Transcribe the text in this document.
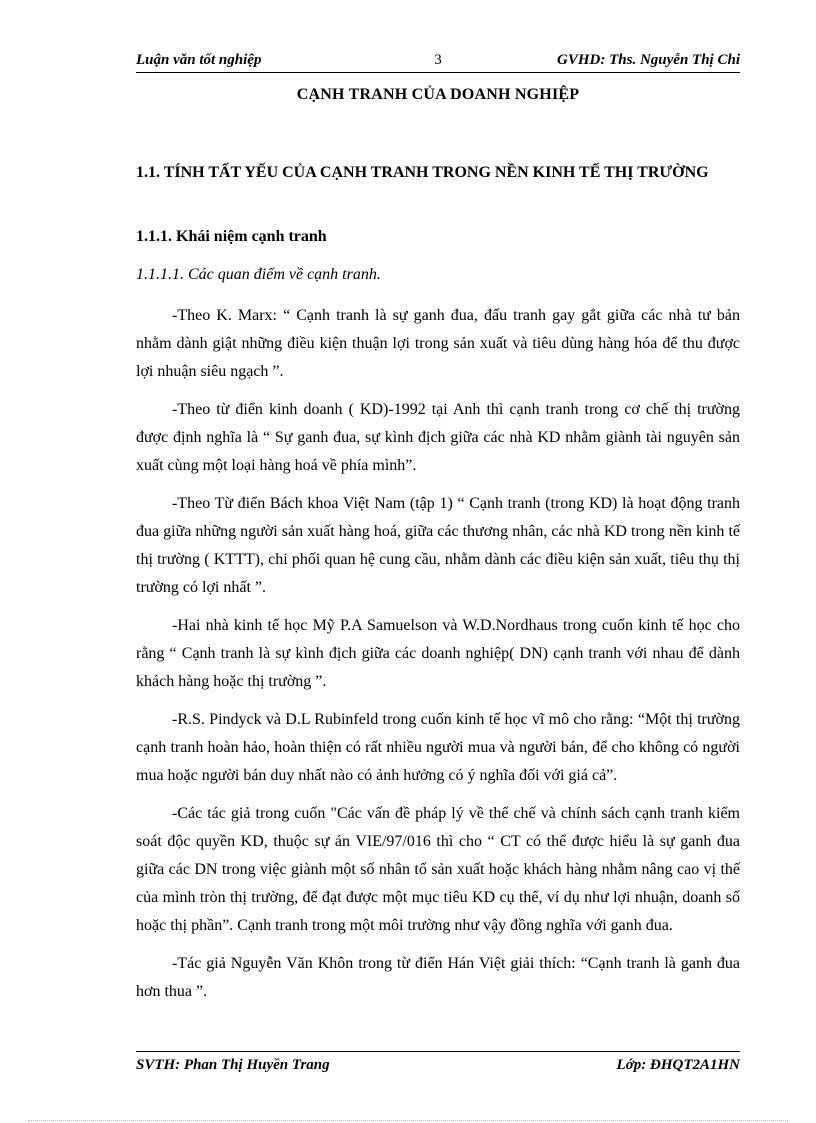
Luận văn tốt nghiệp	3	GVHD: Ths. Nguyễn Thị Chi
CẠNH TRANH CỦA DOANH NGHIỆP
1.1. TÍNH TẤT YẾU CỦA CẠNH TRANH TRONG NỀN KINH TẾ THỊ TRƯỜNG
1.1.1. Khái niệm cạnh tranh
1.1.1.1. Các quan điểm về cạnh tranh.

-Theo K. Marx: “ Cạnh tranh là sự ganh đua, đấu tranh gay gắt giữa các nhà tư bản nhằm dành giật những điều kiện thuận lợi trong sản xuất và tiêu dùng hàng hóa để thu được lợi nhuận siêu ngạch ”.

-Theo từ điển kinh doanh ( KD)-1992 tại Anh thì cạnh tranh trong cơ chế thị trường được định nghĩa là “ Sự ganh đua, sự kình địch giữa các nhà KD nhằm giành tài nguyên sản xuất cùng một loại hàng hoá về phía mình”.

-Theo Từ điển Bách khoa Việt Nam (tập 1) “ Cạnh tranh (trong KD) là hoạt động tranh đua giữa những người sản xuất hàng hoá, giữa các thương nhân, các nhà KD trong nền kinh tế thị trường ( KTTT), chi phối quan hệ cung cầu, nhằm dành các điều kiện sản xuất, tiêu thụ thị trường có lợi nhất ”.

-Hai nhà kinh tế học Mỹ P.A Samuelson và W.D.Nordhaus trong cuốn kinh tế học cho rằng “ Cạnh tranh là sự kình địch giữa các doanh nghiệp( DN) cạnh tranh với nhau để dành khách hàng hoặc thị trường ”.

-R.S. Pindyck và D.L Rubinfeld trong cuốn kinh tế học vĩ mô cho rằng: “Một thị trường cạnh tranh hoàn hảo, hoàn thiện có rất nhiều người mua và người bán, để cho không có người mua hoặc người bán duy nhất nào có ảnh hưởng có ý nghĩa đối với giá cả”.

-Các tác giả trong cuốn "Các vấn đề pháp lý về thể chế và chính sách cạnh tranh kiểm soát độc quyền KD, thuộc sự án VIE/97/016 thì cho “ CT có thể được hiểu là sự ganh đua giữa các DN trong việc giành một số nhân tố sản xuất hoặc khách hàng nhằm nâng cao vị thế của mình tròn thị trường, để đạt được một mục tiêu KD cụ thể, ví dụ như lợi nhuận, doanh số hoặc thị phần”. Cạnh tranh trong một môi trường như vậy đồng nghĩa với ganh đua.

-Tác giả Nguyễn Văn Khôn trong từ điển Hán Việt giải thích: “Cạnh tranh là ganh đua hơn thua ”.

SVTH: Phan Thị Huyền Trang	Lớp: ĐHQT2A1HN
